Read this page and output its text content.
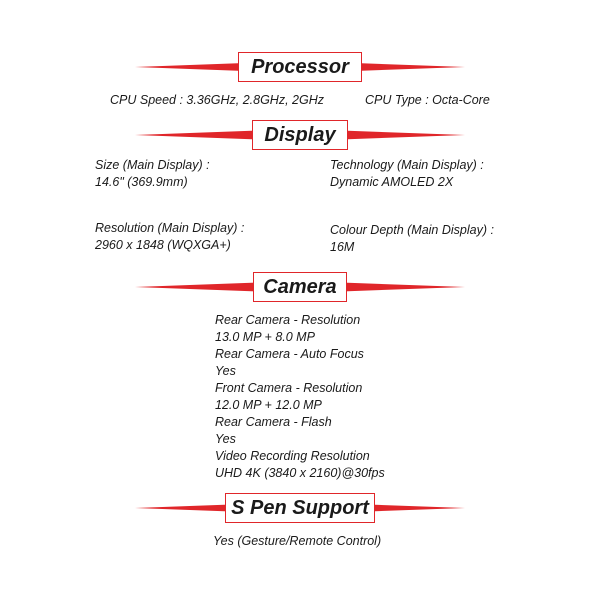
Processor
CPU Speed : 3.36GHz, 2.8GHz, 2GHz	CPU Type : Octa-Core
Display
Size (Main Display) :
14.6" (369.9mm)
Technology (Main Display) :
Dynamic AMOLED 2X
Resolution (Main Display) :
2960 x 1848 (WQXGA+)
Colour Depth (Main Display) :
16M
Camera
Rear Camera - Resolution
13.0 MP + 8.0 MP
Rear Camera - Auto Focus
Yes
Front Camera - Resolution
12.0 MP + 12.0 MP
Rear Camera - Flash
Yes
Video Recording Resolution
UHD 4K (3840 x 2160)@30fps
S Pen Support
Yes (Gesture/Remote Control)
